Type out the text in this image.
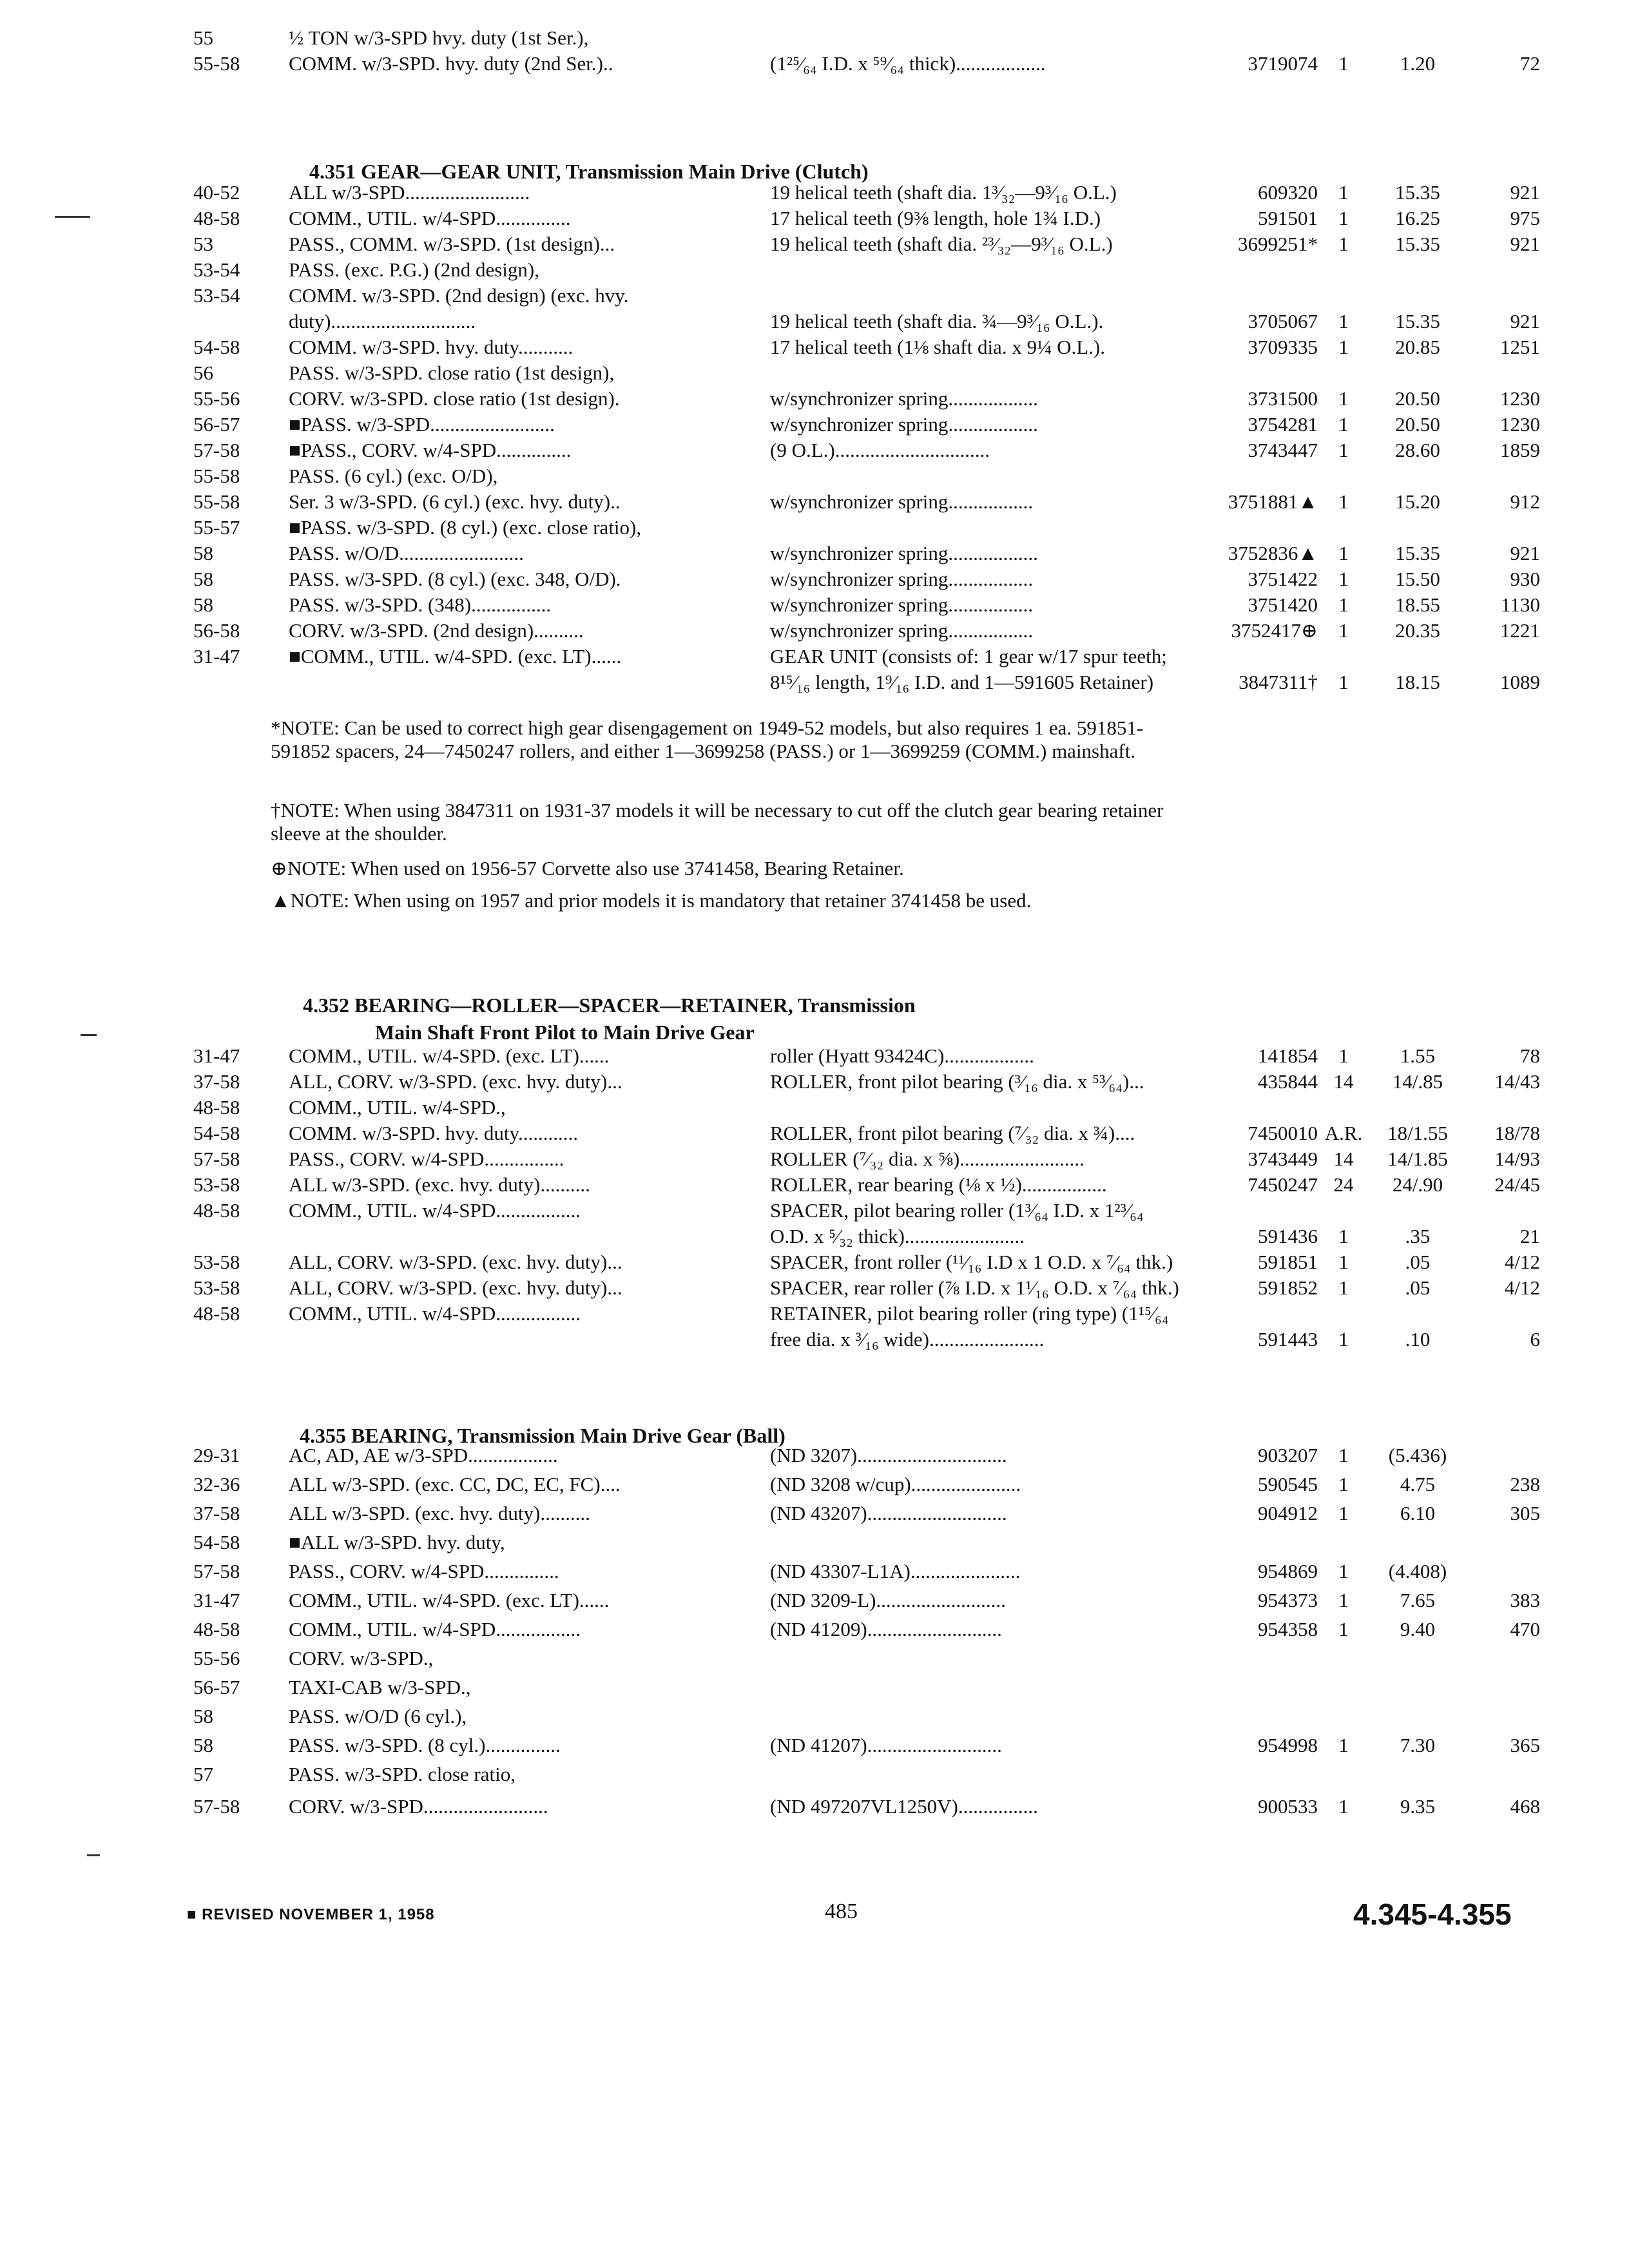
55	½ TON w/3-SPD hvy. duty (1st Ser.),
55-58	COMM. w/3-SPD. hvy. duty (2nd Ser.)..	(1²⁵⁄₆₄ I.D. x ⁵⁹⁄₆₄ thick)..................	3719074	1	1.20	72
40-52	ALL w/3-SPD.........................	19 helical teeth (shaft dia. 1³⁄₃₂—9³⁄₁₆ O.L.)	609320	1	15.35	921
48-58	COMM., UTIL. w/4-SPD...............	17 helical teeth (9⅜ length, hole 1¾ I.D.)	591501	1	16.25	975
53	PASS., COMM. w/3-SPD. (1st design)...	19 helical teeth (shaft dia. ²³⁄₃₂—9³⁄₁₆ O.L.)	3699251*	1	15.35	921
53-54	PASS. (exc. P.G.) (2nd design),
53-54	COMM. w/3-SPD. (2nd design) (exc. hvy.
duty).............................	19 helical teeth (shaft dia. ¾—9³⁄₁₆ O.L.).	3705067	1	15.35	921
54-58	COMM. w/3-SPD. hvy. duty...........	17 helical teeth (1⅛ shaft dia. x 9¼ O.L.).	3709335	1	20.85	1251
56	PASS. w/3-SPD. close ratio (1st design),
55-56	CORV. w/3-SPD. close ratio (1st design).	w/synchronizer spring..................	3731500	1	20.50	1230
56-57	■PASS. w/3-SPD.........................	w/synchronizer spring..................	3754281	1	20.50	1230
57-58	■PASS., CORV. w/4-SPD...............	(9 O.L.)...............................	3743447	1	28.60	1859
55-58	PASS. (6 cyl.) (exc. O/D),
55-58	Ser. 3 w/3-SPD. (6 cyl.) (exc. hvy. duty)..	w/synchronizer spring.................	3751881▲	1	15.20	912
55-57	■PASS. w/3-SPD. (8 cyl.) (exc. close ratio),
58	PASS. w/O/D.........................	w/synchronizer spring..................	3752836▲	1	15.35	921
58	PASS. w/3-SPD. (8 cyl.) (exc. 348, O/D).	w/synchronizer spring.................	3751422	1	15.50	930
58	PASS. w/3-SPD. (348)................	w/synchronizer spring.................	3751420	1	18.55	1130
56-58	CORV. w/3-SPD. (2nd design)..........	w/synchronizer spring.................	3752417⊕	1	20.35	1221
31-47	■COMM., UTIL. w/4-SPD. (exc. LT)......	GEAR UNIT (consists of: 1 gear w/17 spur teeth;
8¹⁵⁄₁₆ length, 1⁹⁄₁₆ I.D. and 1—591605 Retainer)	3847311†	1	18.15	1089
31-47	COMM., UTIL. w/4-SPD. (exc. LT)......	roller (Hyatt 93424C)..................	141854	1	1.55	78
37-58	ALL, CORV. w/3-SPD. (exc. hvy. duty)...	ROLLER, front pilot bearing (³⁄₁₆ dia. x ⁵³⁄₆₄)...	435844 14	14/.85	14/43
48-58	COMM., UTIL. w/4-SPD.,
54-58	COMM. w/3-SPD. hvy. duty............	ROLLER, front pilot bearing (⁷⁄₃₂ dia. x ¾)....	7450010 A.R.	18/1.55	18/78
57-58	PASS., CORV. w/4-SPD................	ROLLER (⁷⁄₃₂ dia. x ⅝).........................	3743449 14	14/1.85	14/93
53-58	ALL w/3-SPD. (exc. hvy. duty)..........	ROLLER, rear bearing (⅛ x ½).................	7450247 24	24/.90	24/45
48-58	COMM., UTIL. w/4-SPD.................	SPACER, pilot bearing roller (1³⁄₆₄ I.D. x 1²³⁄₆₄
O.D. x ⁵⁄₃₂ thick)........................	591436	1	.35	21
53-58	ALL, CORV. w/3-SPD. (exc. hvy. duty)...	SPACER, front roller (¹¹⁄₁₆ I.D x 1 O.D. x ⁷⁄₆₄ thk.)	591851	1	.05	4/12
53-58	ALL, CORV. w/3-SPD. (exc. hvy. duty)...	SPACER, rear roller (⅞ I.D. x 1¹⁄₁₆ O.D. x ⁷⁄₆₄ thk.)	591852	1	.05	4/12
48-58	COMM., UTIL. w/4-SPD.................	RETAINER, pilot bearing roller (ring type) (1¹⁵⁄₆₄
free dia. x ³⁄₁₆ wide).......................	591443	1	.10	6
29-31	AC, AD, AE w/3-SPD..................	(ND 3207)..............................	903207	1	(5.436)
32-36	ALL w/3-SPD. (exc. CC, DC, EC, FC)....	(ND 3208 w/cup)......................	590545	1	4.75	238
37-58	ALL w/3-SPD. (exc. hvy. duty)..........	(ND 43207)............................	904912	1	6.10	305
54-58	■ALL w/3-SPD. hvy. duty,
57-58	PASS., CORV. w/4-SPD...............	(ND 43307-L1A)......................	954869	1	(4.408)
31-47	COMM., UTIL. w/4-SPD. (exc. LT)......	(ND 3209-L)..........................	954373	1	7.65	383
48-58	COMM., UTIL. w/4-SPD.................	(ND 41209)...........................	954358	1	9.40	470
55-56	CORV. w/3-SPD.,
56-57	TAXI-CAB w/3-SPD.,
58	PASS. w/O/D (6 cyl.),
58	PASS. w/3-SPD. (8 cyl.)...............	(ND 41207)...........................	954998	1	7.30	365
57	PASS. w/3-SPD. close ratio,
57-58	CORV. w/3-SPD.........................	(ND 497207VL1250V)................	900533	1	9.35	468
*NOTE: Can be used to correct high gear disengagement on 1949-52 models, but also requires 1 ea. 591851-591852 spacers, 24—7450247 rollers, and either 1—3699258 (PASS.) or 1—3699259 (COMM.) mainshaft.
†NOTE: When using 3847311 on 1931-37 models it will be necessary to cut off the clutch gear bearing retainer sleeve at the shoulder.
⊕NOTE: When used on 1956-57 Corvette also use 3741458, Bearing Retainer.
▲NOTE: When using on 1957 and prior models it is mandatory that retainer 3741458 be used.
4.351 GEAR—GEAR UNIT, Transmission Main Drive (Clutch)
4.352 BEARING—ROLLER—SPACER—RETAINER, Transmission
Main Shaft Front Pilot to Main Drive Gear
4.355 BEARING, Transmission Main Drive Gear (Ball)
■ REVISED NOVEMBER 1, 1958	485	4.345-4.355
